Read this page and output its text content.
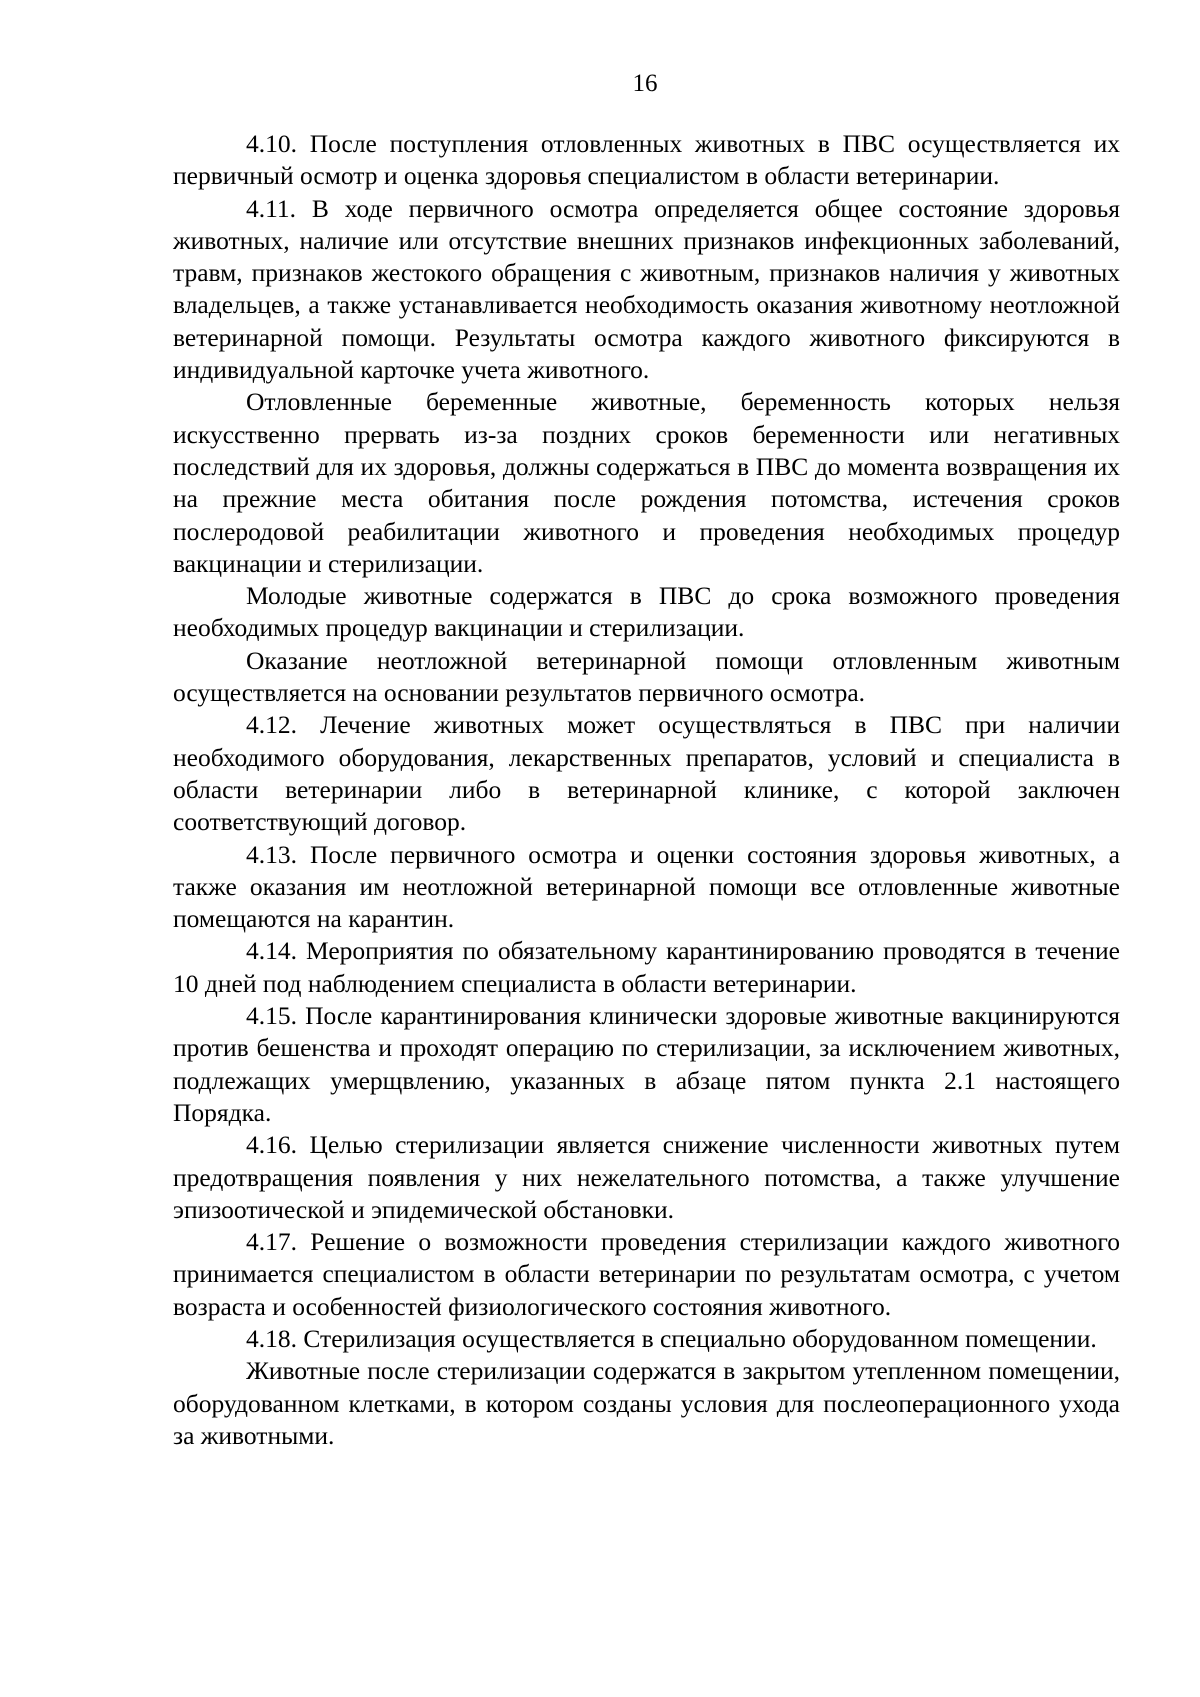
16

4.10. После поступления отловленных животных в ПВС осуществляется их первичный осмотр и оценка здоровья специалистом в области ветеринарии.

4.11. В ходе первичного осмотра определяется общее состояние здоровья животных, наличие или отсутствие внешних признаков инфекционных заболеваний, травм, признаков жестокого обращения с животным, признаков наличия у животных владельцев, а также устанавливается необходимость оказания животному неотложной ветеринарной помощи. Результаты осмотра каждого животного фиксируются в индивидуальной карточке учета животного.

Отловленные беременные животные, беременность которых нельзя искусственно прервать из-за поздних сроков беременности или негативных последствий для их здоровья, должны содержаться в ПВС до момента возвращения их на прежние места обитания после рождения потомства, истечения сроков послеродовой реабилитации животного и проведения необходимых процедур вакцинации и стерилизации.

Молодые животные содержатся в ПВС до срока возможного проведения необходимых процедур вакцинации и стерилизации.

Оказание неотложной ветеринарной помощи отловленным животным осуществляется на основании результатов первичного осмотра.

4.12. Лечение животных может осуществляться в ПВС при наличии необходимого оборудования, лекарственных препаратов, условий и специалиста в области ветеринарии либо в ветеринарной клинике, с которой заключен соответствующий договор.

4.13. После первичного осмотра и оценки состояния здоровья животных, а также оказания им неотложной ветеринарной помощи все отловленные животные помещаются на карантин.

4.14. Мероприятия по обязательному карантинированию проводятся в течение 10 дней под наблюдением специалиста в области ветеринарии.

4.15. После карантинирования клинически здоровые животные вакцинируются против бешенства и проходят операцию по стерилизации, за исключением животных, подлежащих умерщвлению, указанных в абзаце пятом пункта 2.1 настоящего Порядка.

4.16. Целью стерилизации является снижение численности животных путем предотвращения появления у них нежелательного потомства, а также улучшение эпизоотической и эпидемической обстановки.

4.17. Решение о возможности проведения стерилизации каждого животного принимается специалистом в области ветеринарии по результатам осмотра, с учетом возраста и особенностей физиологического состояния животного.

4.18. Стерилизация осуществляется в специально оборудованном помещении.

Животные после стерилизации содержатся в закрытом утепленном помещении, оборудованном клетками, в котором созданы условия для послеоперационного ухода за животными.
